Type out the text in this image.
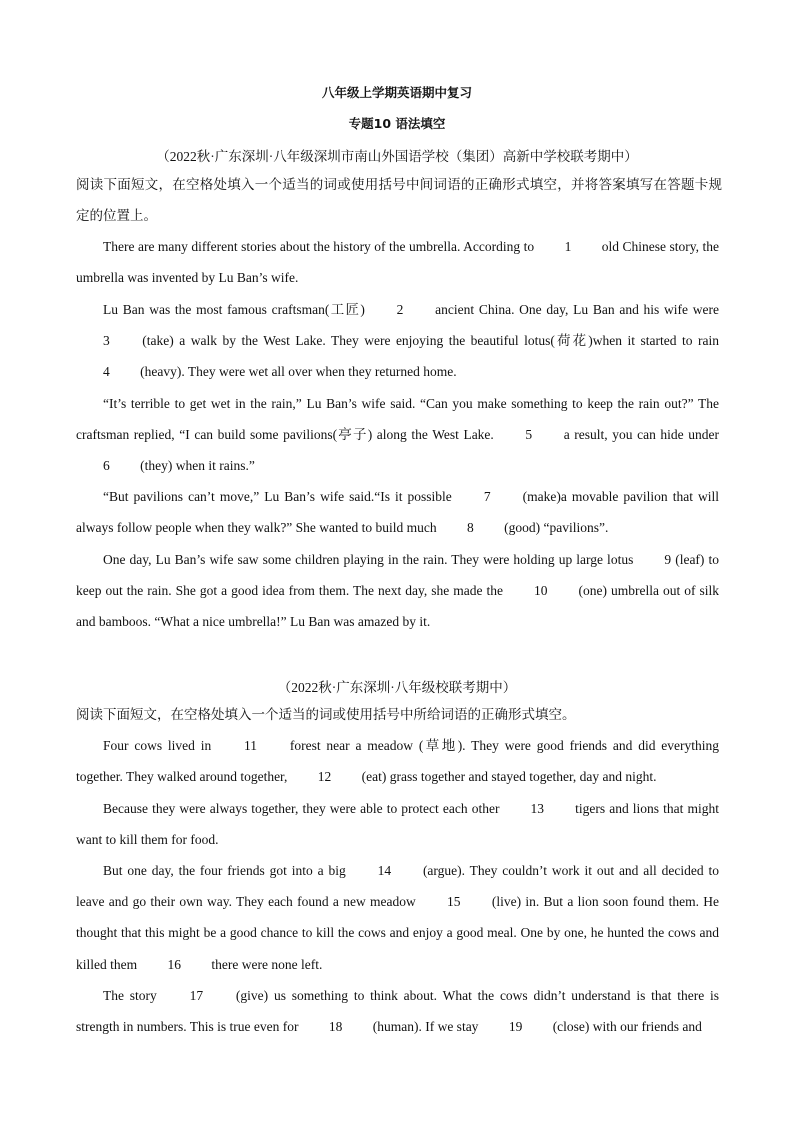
八年级上学期英语期中复习
专题10 语法填空
（2022秋·广东深圳·八年级深圳市南山外国语学校（集团）高新中学校联考期中）
阅读下面短文，在空格处填入一个适当的词或使用括号中间词语的正确形式填空，并将答案填写在答题卡规定的位置上。

There are many different stories about the history of the umbrella. According to   1   old Chinese story, the umbrella was invented by Lu Ban’s wife.

Lu Ban was the most famous craftsman(工匠)   2   ancient China. One day, Lu Ban and his wife were   3   (take) a walk by the West Lake. They were enjoying the beautiful lotus(荷花)when it started to rain   4   (heavy). They were wet all over when they returned home.

“It’s terrible to get wet in the rain,” Lu Ban’s wife said. “Can you make something to keep the rain out?” The craftsman replied, “I can build some pavilions(亭子) along the West Lake.   5   a result, you can hide under   6   (they) when it rains.”

“But pavilions can’t move,” Lu Ban’s wife said.“Is it possible   7   (make)a movable pavilion that will always follow people when they walk?” She wanted to build much   8   (good) “pavilions”.

One day, Lu Ban’s wife saw some children playing in the rain. They were holding up large lotus   9 (leaf) to keep out the rain. She got a good idea from them. The next day, she made the   10   (one) umbrella out of silk and bamboos. “What a nice umbrella!” Lu Ban was amazed by it.

（2022秋·广东深圳·八年级校联考期中）
阅读下面短文，在空格处填入一个适当的词或使用括号中所给词语的正确形式填空。

Four cows lived in   11   forest near a meadow (草地). They were good friends and did everything together. They walked around together,   12   (eat) grass together and stayed together, day and night.

Because they were always together, they were able to protect each other   13   tigers and lions that might want to kill them for food.

But one day, the four friends got into a big   14   (argue). They couldn’t work it out and all decided to leave and go their own way. They each found a new meadow   15   (live) in. But a lion soon found them. He thought that this might be a good chance to kill the cows and enjoy a good meal. One by one, he hunted the cows and killed them   16   there were none left.

The story   17   (give) us something to think about. What the cows didn’t understand is that there is strength in numbers. This is true even for   18   (human). If we stay   19   (close) with our friends and
